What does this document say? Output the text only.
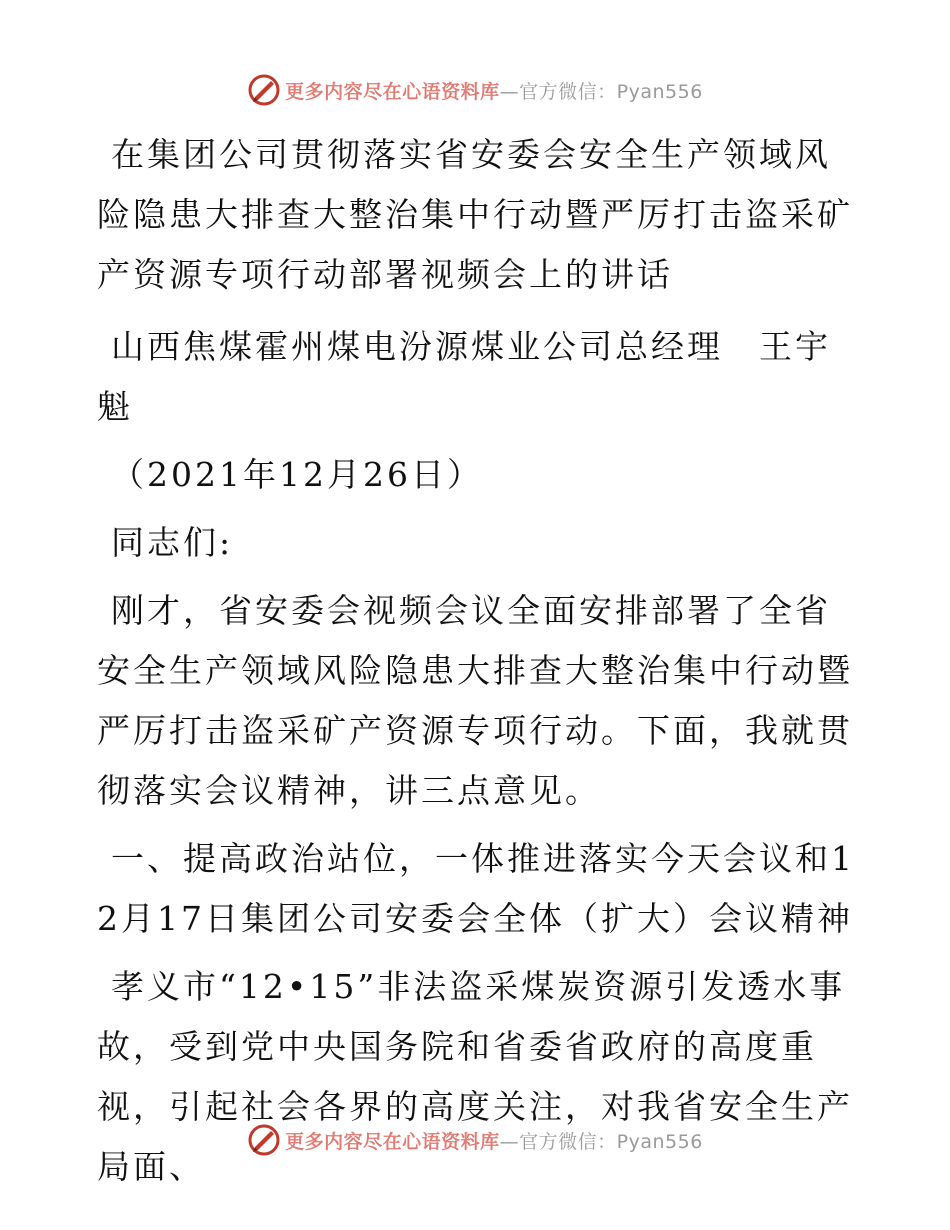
更多内容尽在心语资料库 —官方微信：Pyan556

在集团公司贯彻落实省安委会安全生产领域风险隐患大排查大整治集中行动暨严厉打击盗采矿产资源专项行动部署视频会上的讲话

山西焦煤霍州煤电汾源煤业公司总经理　王宇魁

（2021年12月26日）

同志们:

刚才，省安委会视频会议全面安排部署了全省安全生产领域风险隐患大排查大整治集中行动暨严厉打击盗采矿产资源专项行动。下面，我就贯彻落实会议精神，讲三点意见。

一、提高政治站位，一体推进落实今天会议和12月17日集团公司安委会全体（扩大）会议精神

孝义市“12•15”非法盗采煤炭资源引发透水事故，受到党中央国务院和省委省政府的高度重视，引起社会各界的高度关注，对我省安全生产局面、

更多内容尽在心语资料库 —官方微信：Pyan556
